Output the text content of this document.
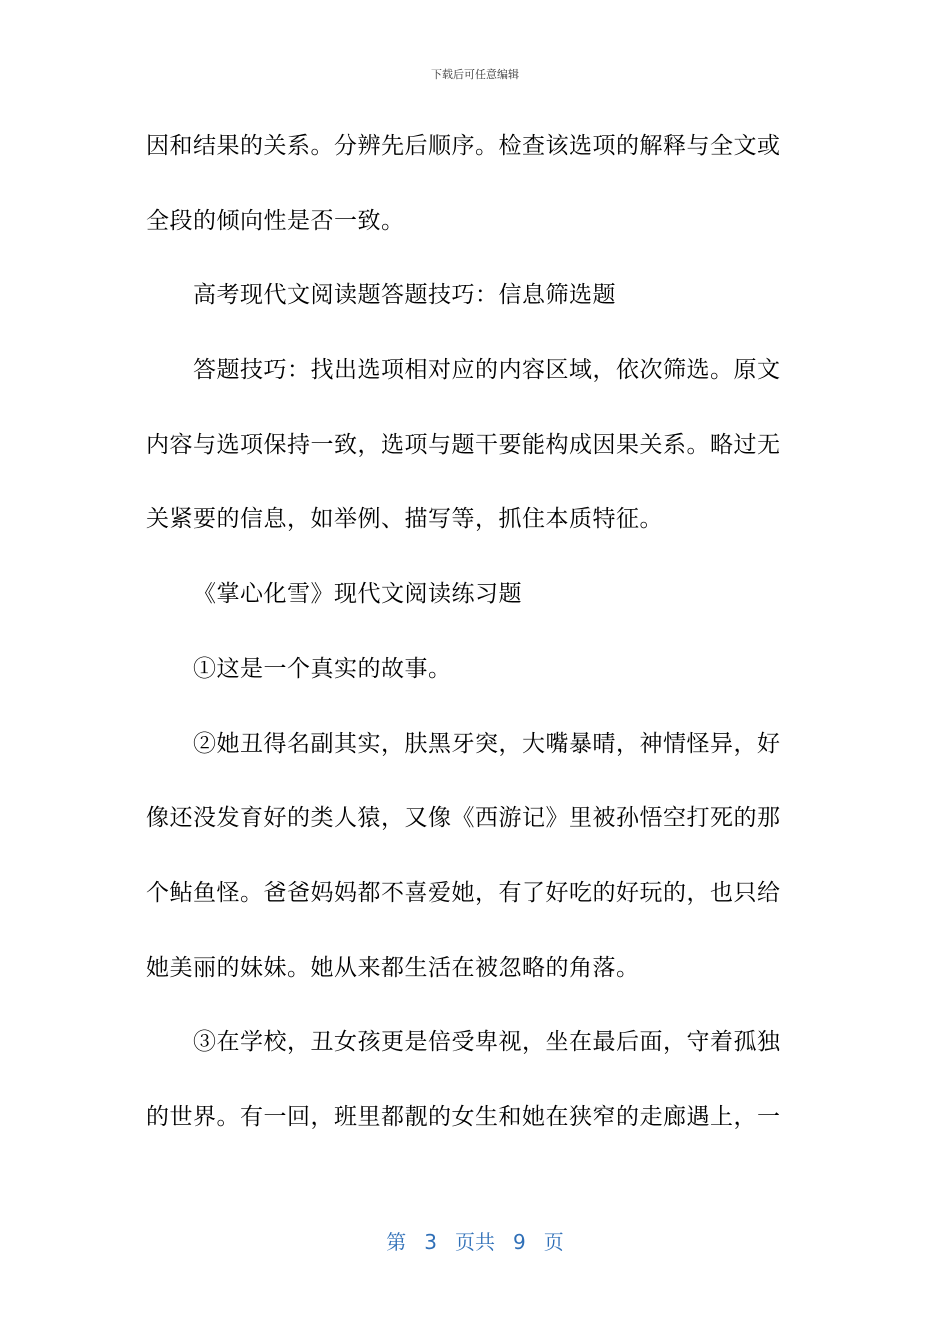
下载后可任意编辑
因和结果的关系。分辨先后顺序。检查该选项的解释与全文或
全段的倾向性是否一致。
高考现代文阅读题答题技巧：信息筛选题
答题技巧：找出选项相对应的内容区域，依次筛选。原文
内容与选项保持一致，选项与题干要能构成因果关系。略过无
关紧要的信息，如举例、描写等，抓住本质特征。
《掌心化雪》现代文阅读练习题
①这是一个真实的故事。
②她丑得名副其实，肤黑牙突，大嘴暴晴，神情怪异，好
像还没发育好的类人猿，又像《西游记》里被孙悟空打死的那
个鲇鱼怪。爸爸妈妈都不喜爱她，有了好吃的好玩的，也只给
她美丽的妹妹。她从来都生活在被忽略的角落。
③在学校，丑女孩更是倍受卑视，坐在最后面，守着孤独
的世界。有一回，班里都靓的女生和她在狭窄的走廊遇上，一
第 3 页共 9 页
